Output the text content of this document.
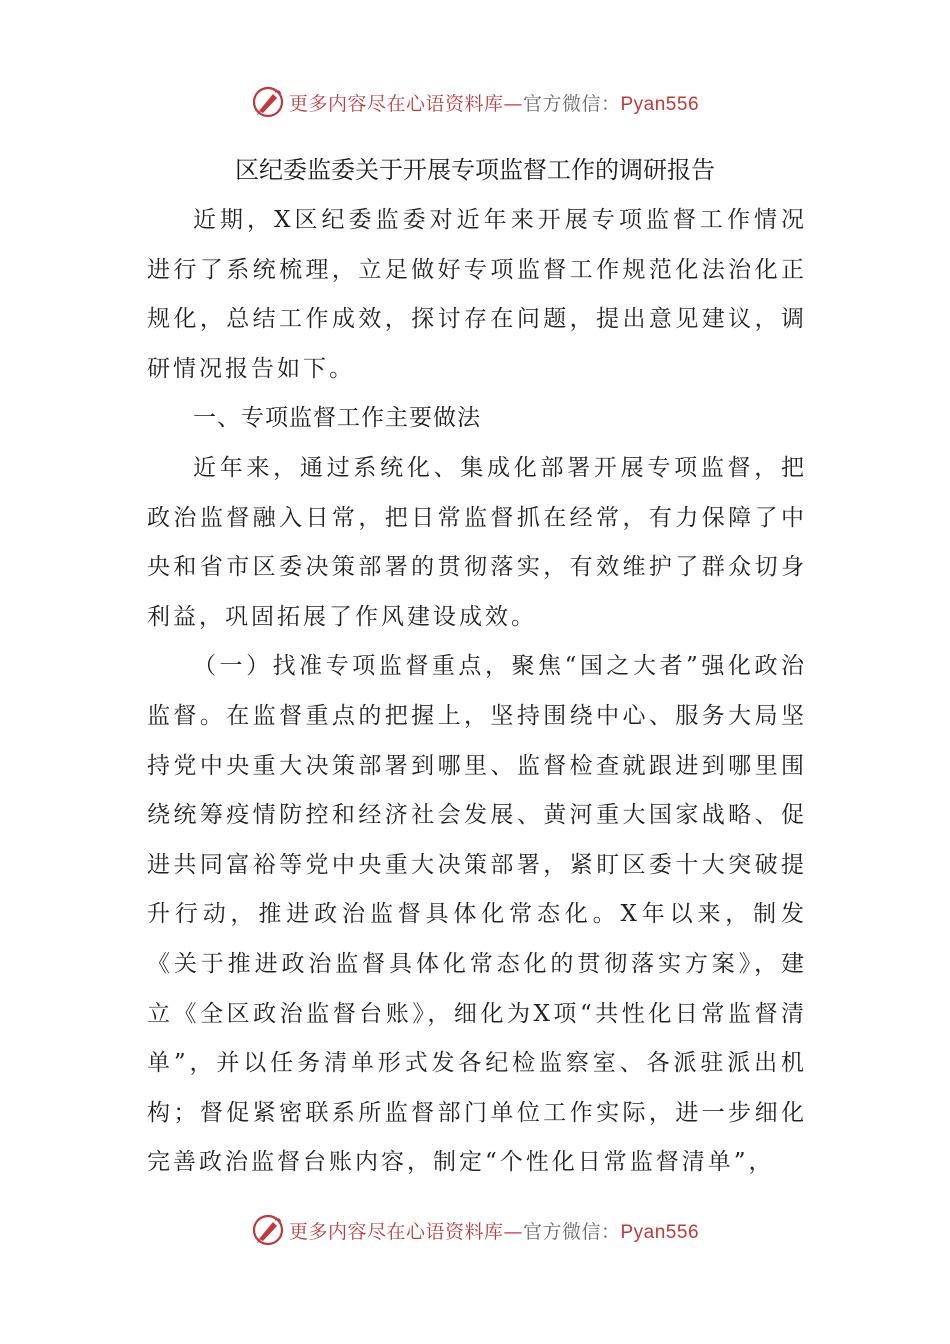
更多内容尽在心语资料库—官方微信：Pyan556
区纪委监委关于开展专项监督工作的调研报告

近期，X区纪委监委对近年来开展专项监督工作情况进行了系统梳理，立足做好专项监督工作规范化法治化正规化，总结工作成效，探讨存在问题，提出意见建议，调研情况报告如下。

一、专项监督工作主要做法

近年来，通过系统化、集成化部署开展专项监督，把政治监督融入日常，把日常监督抓在经常，有力保障了中央和省市区委决策部署的贯彻落实，有效维护了群众切身利益，巩固拓展了作风建设成效。

（一）找准专项监督重点，聚焦“国之大者”强化政治监督。在监督重点的把握上，坚持围绕中心、服务大局坚持党中央重大决策部署到哪里、监督检查就跟进到哪里围绕统筹疫情防控和经济社会发展、黄河重大国家战略、促进共同富裕等党中央重大决策部署，紧盯区委十大突破提升行动，推进政治监督具体化常态化。X年以来，制发《关于推进政治监督具体化常态化的贯彻落实方案》，建立《全区政治监督台账》，细化为X项“共性化日常监督清单”，并以任务清单形式发各纪检监察室、各派驻派出机构；督促紧密联系所监督部门单位工作实际，进一步细化完善政治监督台账内容，制定“个性化日常监督清单”，

更多内容尽在心语资料库—官方微信：Pyan556
